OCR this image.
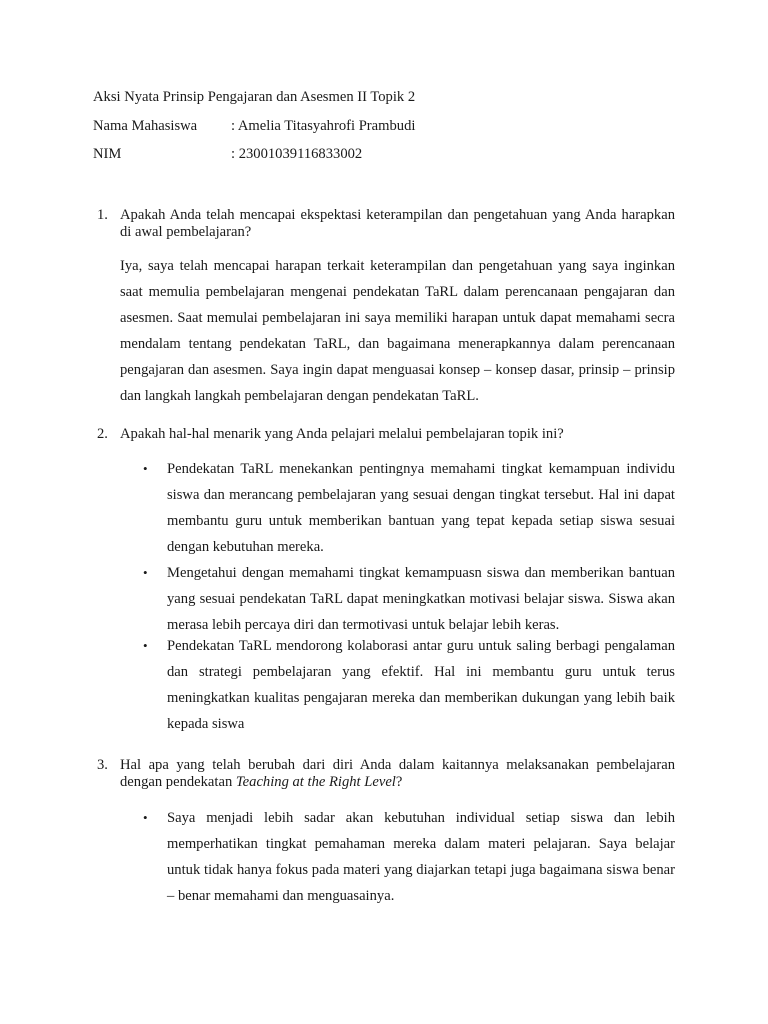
Aksi Nyata Prinsip Pengajaran dan Asesmen II Topik 2
Nama Mahasiswa : Amelia Titasyahrofi Prambudi
NIM	: 23001039116833002
1. Apakah Anda telah mencapai ekspektasi keterampilan dan pengetahuan yang Anda harapkan di awal pembelajaran?
Iya, saya telah mencapai harapan terkait keterampilan dan pengetahuan yang saya inginkan saat memulia pembelajaran mengenai pendekatan TaRL dalam perencanaan pengajaran dan asesmen. Saat memulai pembelajaran ini saya memiliki harapan untuk dapat memahami secra mendalam tentang pendekatan TaRL, dan bagaimana menerapkannya dalam perencanaan pengajaran dan asesmen. Saya ingin dapat menguasai konsep – konsep dasar, prinsip – prinsip dan langkah langkah pembelajaran dengan pendekatan TaRL.
2. Apakah hal-hal menarik yang Anda pelajari melalui pembelajaran topik ini?
• Pendekatan TaRL menekankan pentingnya memahami tingkat kemampuan individu siswa dan merancang pembelajaran yang sesuai dengan tingkat tersebut. Hal ini dapat membantu guru untuk memberikan bantuan yang tepat kepada setiap siswa sesuai dengan kebutuhan mereka.
• Mengetahui dengan memahami tingkat kemampuasn siswa dan memberikan bantuan yang sesuai pendekatan TaRL dapat meningkatkan motivasi belajar siswa. Siswa akan merasa lebih percaya diri dan termotivasi untuk belajar lebih keras.
• Pendekatan TaRL mendorong kolaborasi antar guru untuk saling berbagi pengalaman dan strategi pembelajaran yang efektif. Hal ini membantu guru untuk terus meningkatkan kualitas pengajaran mereka dan memberikan dukungan yang lebih baik kepada siswa
3. Hal apa yang telah berubah dari diri Anda dalam kaitannya melaksanakan pembelajaran dengan pendekatan Teaching at the Right Level?
• Saya menjadi lebih sadar akan kebutuhan individual setiap siswa dan lebih memperhatikan tingkat pemahaman mereka dalam materi pelajaran. Saya belajar untuk tidak hanya fokus pada materi yang diajarkan tetapi juga bagaimana siswa benar – benar memahami dan menguasainya.
